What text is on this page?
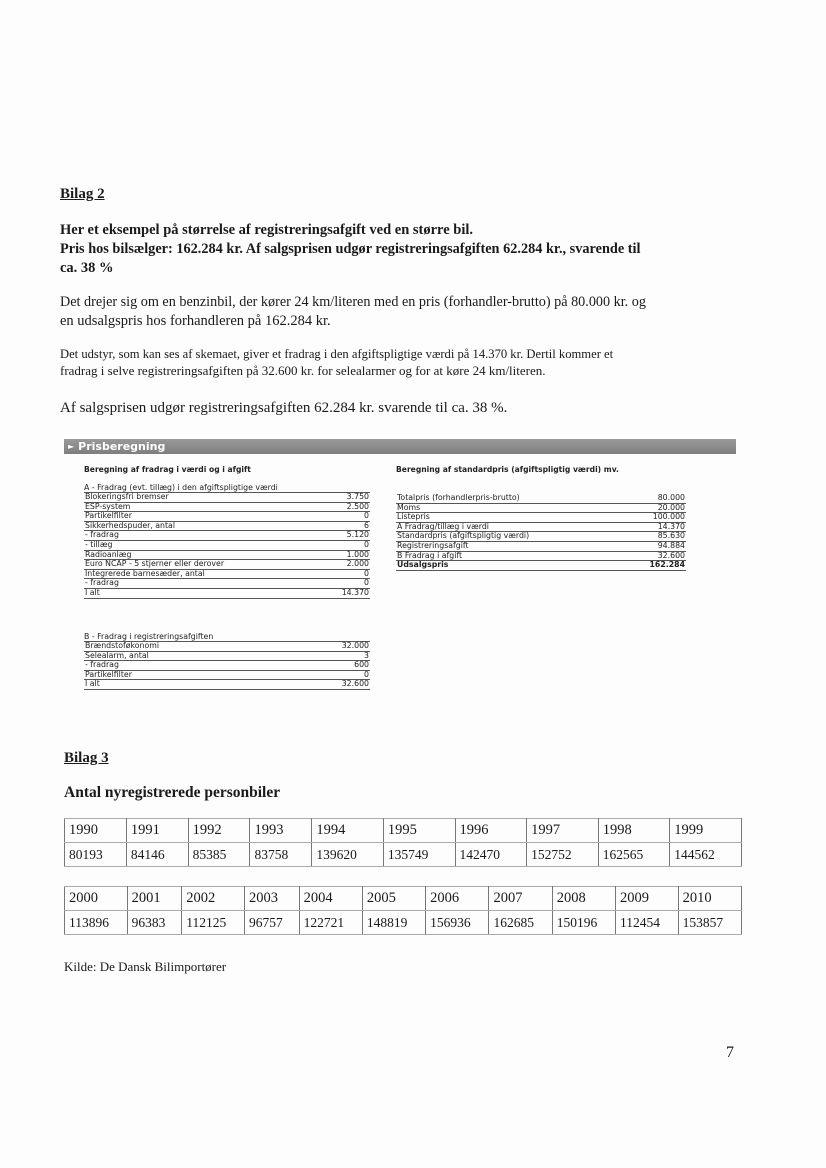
Bilag 2
Her et eksempel på størrelse af registreringsafgift ved en større bil.
Pris hos bilsælger: 162.284 kr. Af salgsprisen udgør registreringsafgiften 62.284 kr., svarende til
ca. 38 %
Det drejer sig om en benzinbil, der kører 24 km/literen med en pris (forhandler-brutto) på 80.000 kr. og
en udsalgspris hos forhandleren på 162.284 kr.
Det udstyr, som kan ses af skemaet, giver et fradrag i den afgiftspligtige værdi på 14.370 kr. Dertil kommer et
fradrag i selve registreringsafgiften på 32.600 kr. for selealarmer og for at køre 24 km/literen.
Af salgsprisen udgør registreringsafgiften 62.284 kr. svarende til ca. 38 %.
► Prisberegning
Beregning af fradrag i værdi og i afgift
A - Fradrag (evt. tillæg) i den afgiftspligtige værdi
Blokeringsfri bremser	3.750
ESP-system	2.500
Partikelfilter	0
Sikkerhedspuder, antal	6
- fradrag	5.120
- tillæg	0
Radioanlæg	1.000
Euro NCAP - 5 stjerner eller derover	2.000
Integrerede barnesæder, antal	0
- fradrag	0
I alt	14.370
B - Fradrag i registreringsafgiften
Brændstoføkonomi	32.000
Selealarm, antal	3
- fradrag	600
Partikelfilter	0
I alt	32.600
Beregning af standardpris (afgiftspligtig værdi) mv.
Totalpris (forhandlerpris-brutto)	80.000
Moms	20.000
Listepris	100.000
A Fradrag/tillæg i værdi	14.370
Standardpris (afgiftspligtig værdi)	85.630
Registreringsafgift	94.884
B Fradrag i afgift	32.600
Udsalgspris	162.284
Bilag 3
Antal nyregistrerede personbiler
1990	1991	1992	1993	1994	1995	1996	1997	1998	1999
80193	84146	85385	83758	139620	135749	142470	152752	162565	144562
2000	2001	2002	2003	2004	2005	2006	2007	2008	2009	2010
113896	96383	112125	96757	122721	148819	156936	162685	150196	112454	153857
Kilde: De Dansk Bilimportører
7
